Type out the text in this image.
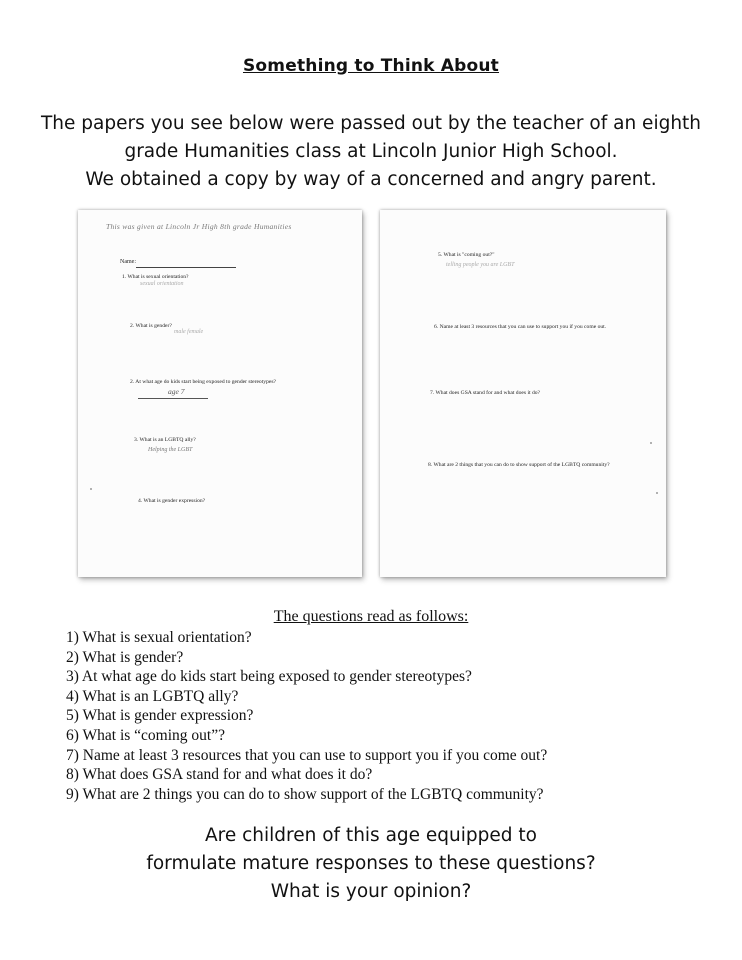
Something to Think About
The papers you see below were passed out by the teacher of an eighth
grade Humanities class at Lincoln Junior High School.
We obtained a copy by way of a concerned and angry parent.
This was given at Lincoln Jr High 8th grade Humanities
Name:
1. What is sexual orientation?
sexual orientation
2. What is gender?
male female
2. At what age do kids start being exposed to gender stereotypes?
age 7
3. What is an LGBTQ ally?
Helping the LGBT
4. What is gender expression?
5. What is "coming out?"
telling people you are LGBT
6. Name at least 3 resources that you can use to support you if you come out.
7. What does GSA stand for and what does it do?
8. What are 2 things that you can do to show support of the LGBTQ community?
The questions read as follows:
1) What is sexual orientation?
2) What is gender?
3) At what age do kids start being exposed to gender stereotypes?
4) What is an LGBTQ ally?
5) What is gender expression?
6) What is “coming out”?
7) Name at least 3 resources that you can use to support you if you come out?
8) What does GSA stand for and what does it do?
9) What are 2 things you can do to show support of the LGBTQ community?
Are children of this age equipped to
formulate mature responses to these questions?
What is your opinion?
